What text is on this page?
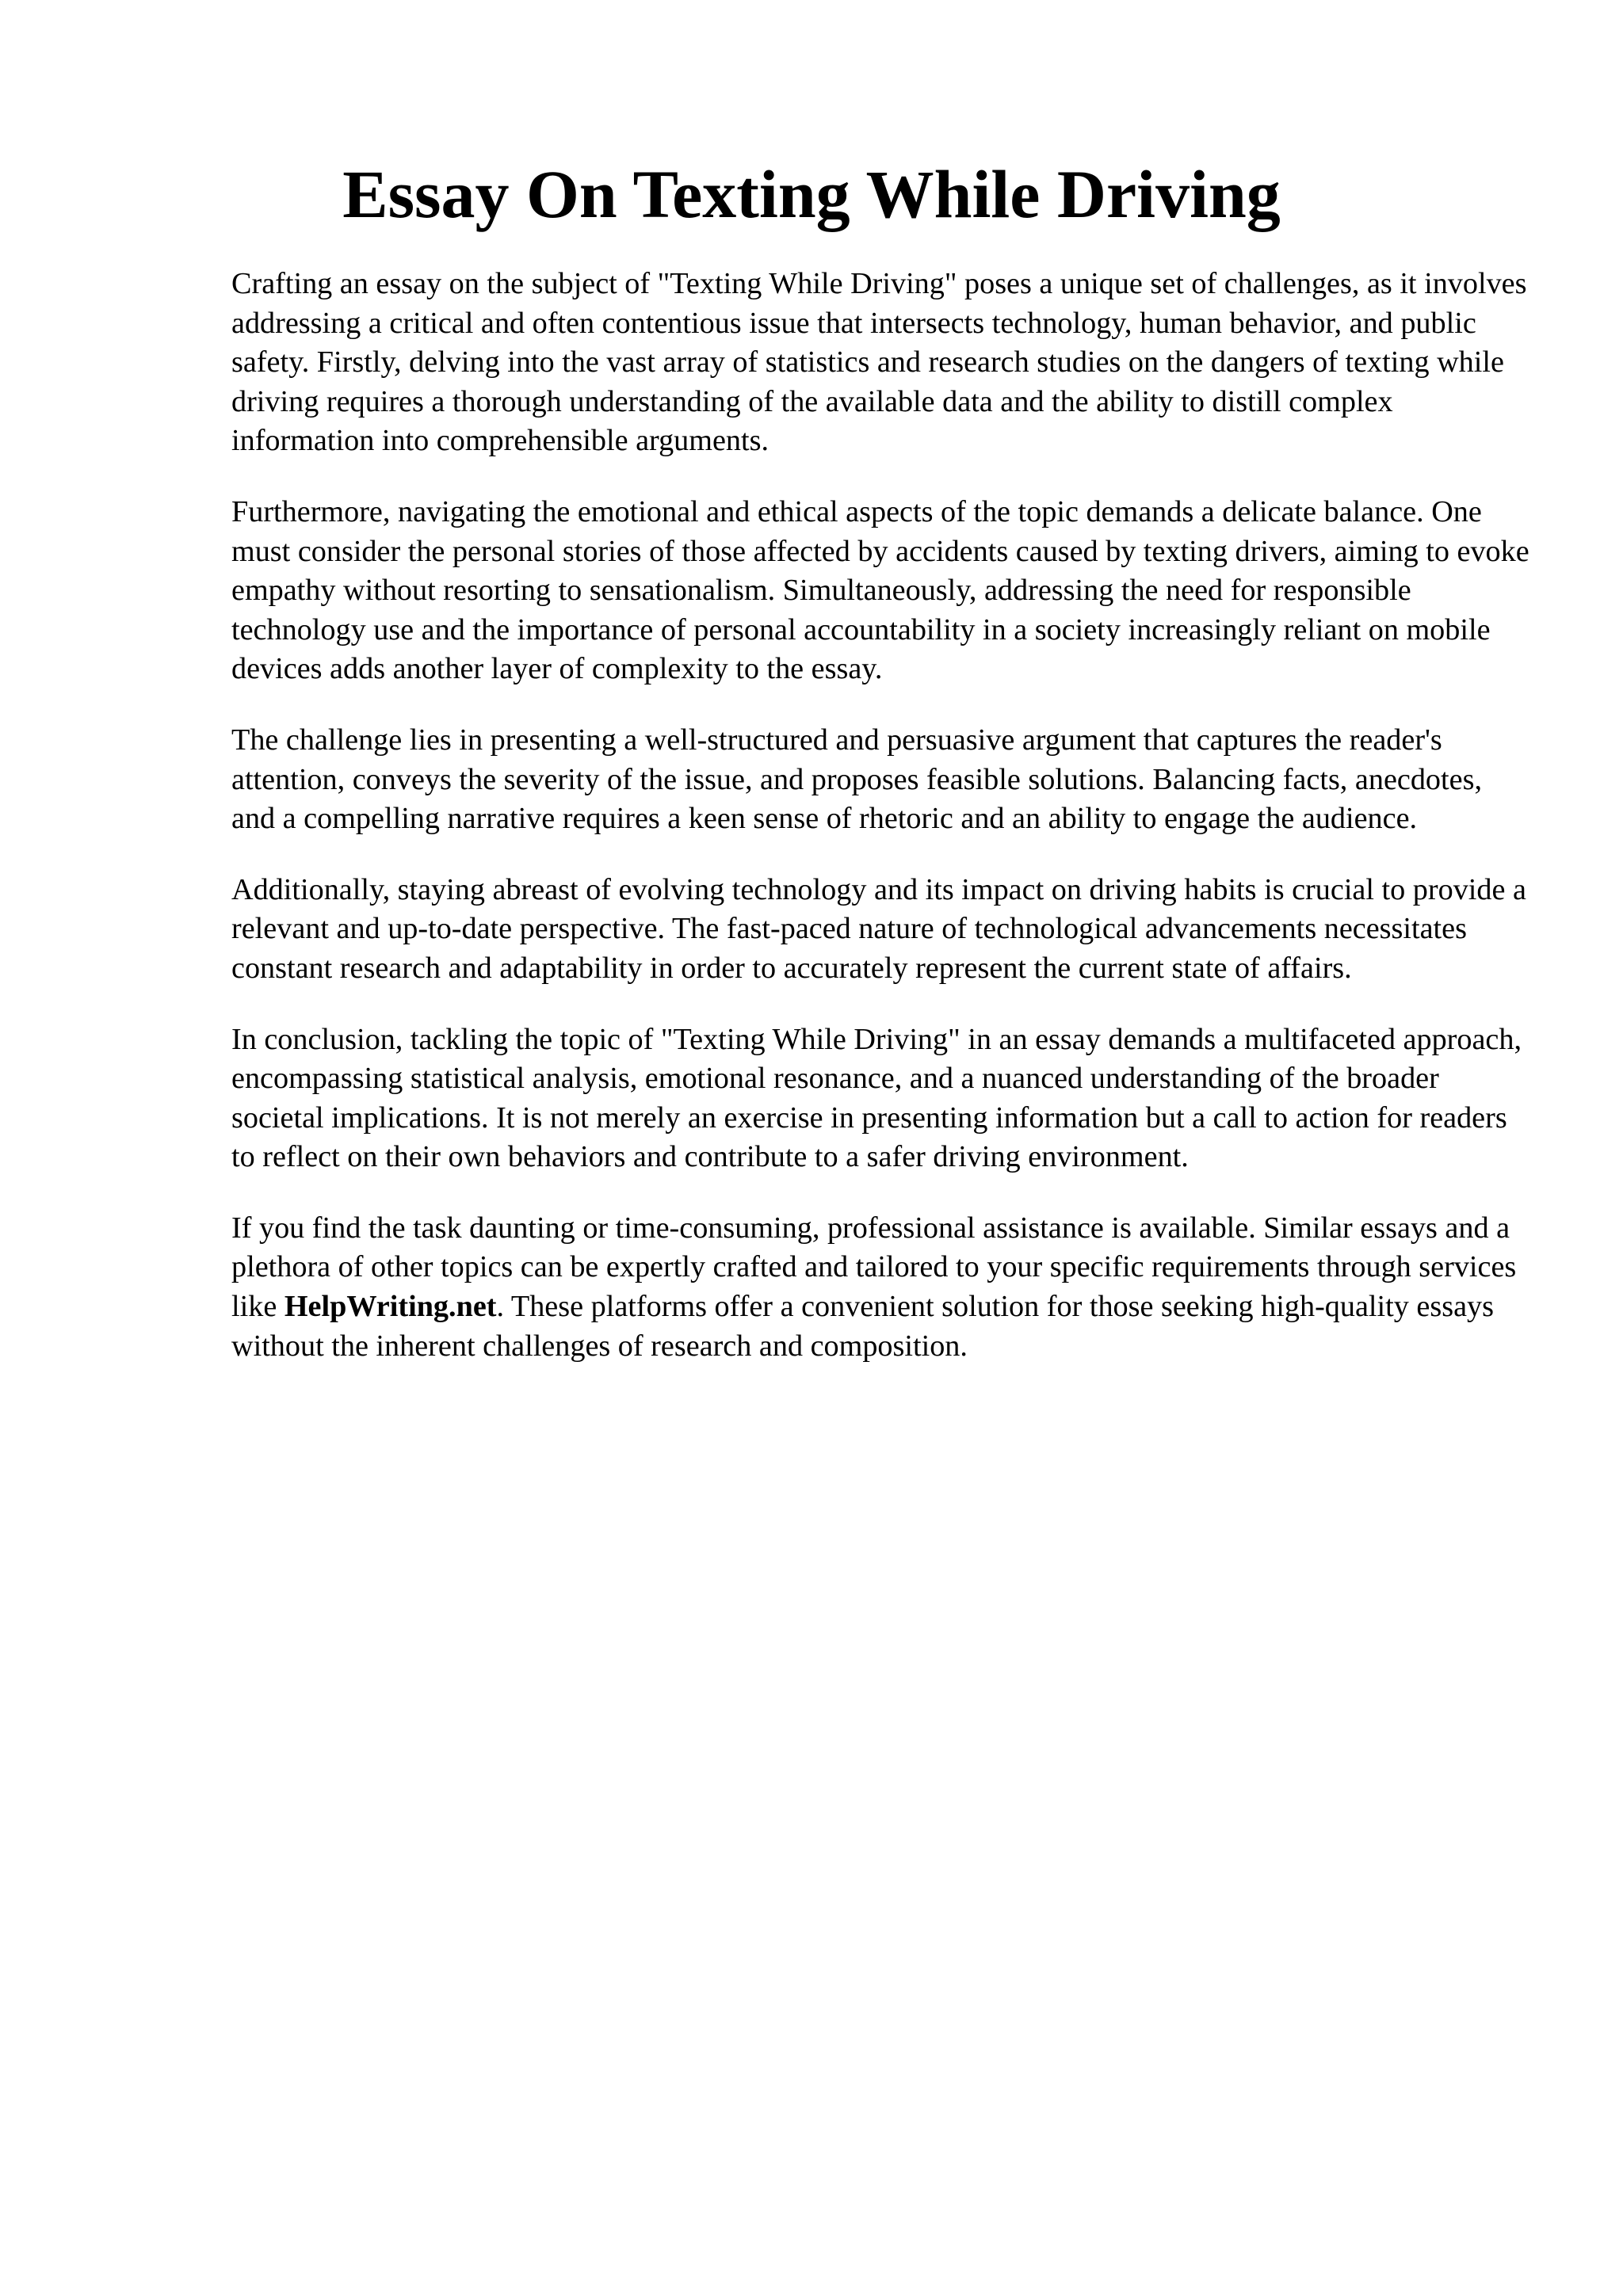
Essay On Texting While Driving

Crafting an essay on the subject of "Texting While Driving" poses a unique set of challenges, as it involves addressing a critical and often contentious issue that intersects technology, human behavior, and public safety. Firstly, delving into the vast array of statistics and research studies on the dangers of texting while driving requires a thorough understanding of the available data and the ability to distill complex information into comprehensible arguments.

Furthermore, navigating the emotional and ethical aspects of the topic demands a delicate balance. One must consider the personal stories of those affected by accidents caused by texting drivers, aiming to evoke empathy without resorting to sensationalism. Simultaneously, addressing the need for responsible technology use and the importance of personal accountability in a society increasingly reliant on mobile devices adds another layer of complexity to the essay.

The challenge lies in presenting a well-structured and persuasive argument that captures the reader's attention, conveys the severity of the issue, and proposes feasible solutions. Balancing facts, anecdotes, and a compelling narrative requires a keen sense of rhetoric and an ability to engage the audience.

Additionally, staying abreast of evolving technology and its impact on driving habits is crucial to provide a relevant and up-to-date perspective. The fast-paced nature of technological advancements necessitates constant research and adaptability in order to accurately represent the current state of affairs.

In conclusion, tackling the topic of "Texting While Driving" in an essay demands a multifaceted approach, encompassing statistical analysis, emotional resonance, and a nuanced understanding of the broader societal implications. It is not merely an exercise in presenting information but a call to action for readers to reflect on their own behaviors and contribute to a safer driving environment.

If you find the task daunting or time-consuming, professional assistance is available. Similar essays and a plethora of other topics can be expertly crafted and tailored to your specific requirements through services like HelpWriting.net. These platforms offer a convenient solution for those seeking high-quality essays without the inherent challenges of research and composition.
